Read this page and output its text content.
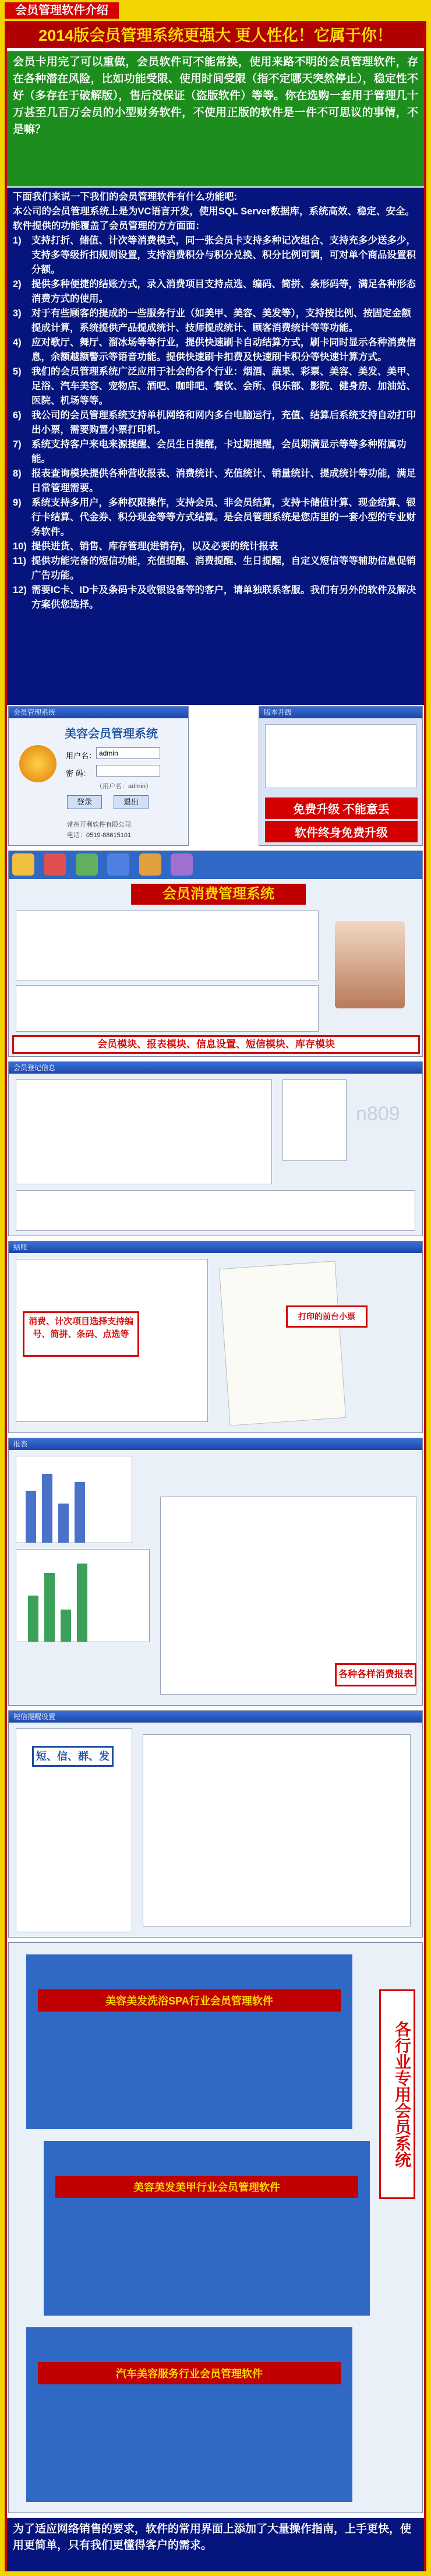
会员管理软件介绍
2014版会员管理系统更强大 更人性化！它属于你！
会员卡用完了可以重做，会员软件可不能常换，使用来路不明的会员管理软件，存在各种潜在风险，比如功能受限、使用时间受限（指不定哪天突然停止），稳定性不好（多存在于破解版），售后没保证（盗版软件）等等。你在选购一套用于管理几十万甚至几百万会员的小型财务软件，不使用正版的软件是一件不可思议的事情，不是嘛？

下面我们来说一下我们的会员管理软件有什么功能吧:

本公司的会员管理系统上是为VC语言开发，使用SQL Server数据库，系统高效、稳定、安全。软件提供的功能覆盖了会员管理的方方面面：

1) 支持打折、储值、计次等消费模式，同一张会员卡支持多种记次组合、支持充多少送多少，支持多等级折扣规则设置，支持消费积分与积分兑换、积分比例可调，可对单个商品设置积分额。
2) 提供多种便捷的结账方式，录入消费项目支持点选、编码、简拼、条形码等，满足各种形态消费方式的使用。
3) 对于有些顾客的提成的一些服务行业（如美甲、美容、美发等），支持按比例、按固定金额提成计算，系统提供产品提成统计、技师提成统计、顾客消费统计等等功能。
4) 应对歌厅、舞厅、溜冰场等等行业，提供快速刷卡自动结算方式，刷卡同时显示各种消费信息，余额越额警示等语音功能。提供快速刷卡扣费及快速刷卡积分等快速计算方式。
5) 我们的会员管理系统广泛应用于社会的各个行业：烟酒、蔬果、彩票、美容、美发、美甲、足浴、汽车美容、宠物店、酒吧、咖啡吧、餐饮、会所、俱乐部、影院、健身房、加油站、医院、机场等等。
6) 我公司的会员管理系统支持单机网络和网内多台电脑运行，充值、结算后系统支持自动打印出小票，需要购置小票打印机。
7) 系统支持客户来电来源提醒、会员生日提醒，卡过期提醒，会员期满显示等等多种附属功能。
8) 报表查询模块提供各种营收报表、消费统计、充值统计、销量统计、提成统计等功能，满足日常管理需要。
9) 系统支持多用户，多种权限操作，支持会员、非会员结算，支持卡储值计算、现金结算、银行卡结算、代金券、积分现金等等方式结算。是会员管理系统是您店里的一套小型的专业财务软件。
10) 提供进货、销售、库存管理(进销存)，以及必要的统计报表
11) 提供功能完备的短信功能，充值提醒、消费提醒、生日提醒，自定义短信等等辅助信息促销广告功能。
12) 需要IC卡、ID卡及条码卡及收银设备等的客户，请单独联系客服。我们有另外的软件及解决方案供您选择。
会员管理系统
美容会员管理系统
用户名： admin
密 码：
（用户名：admin）
登录	退出
常州开利软件有限公司
电话：0519-88615101
版本升级
免费升级 不能意丢
软件终身免费升级

会员消费管理系统
会员模块、报表模块、信息设置、短信模块、库存模块
会员登记信息
n809
结账
消费、计次项目选择支持编号、简拼、条码、点选等
打印的前台小票
报表
各种各样消费报表
短信提醒设置
短、信、群、发
美容美发洗浴SPA行业会员管理软件
美容美发美甲行业会员管理软件
汽车美容服务行业会员管理软件
各行业专用会员系统
为了适应网络销售的要求，软件的常用界面上添加了大量操作指南，上手更快，使用更简单，只有我们更懂得客户的需求。
